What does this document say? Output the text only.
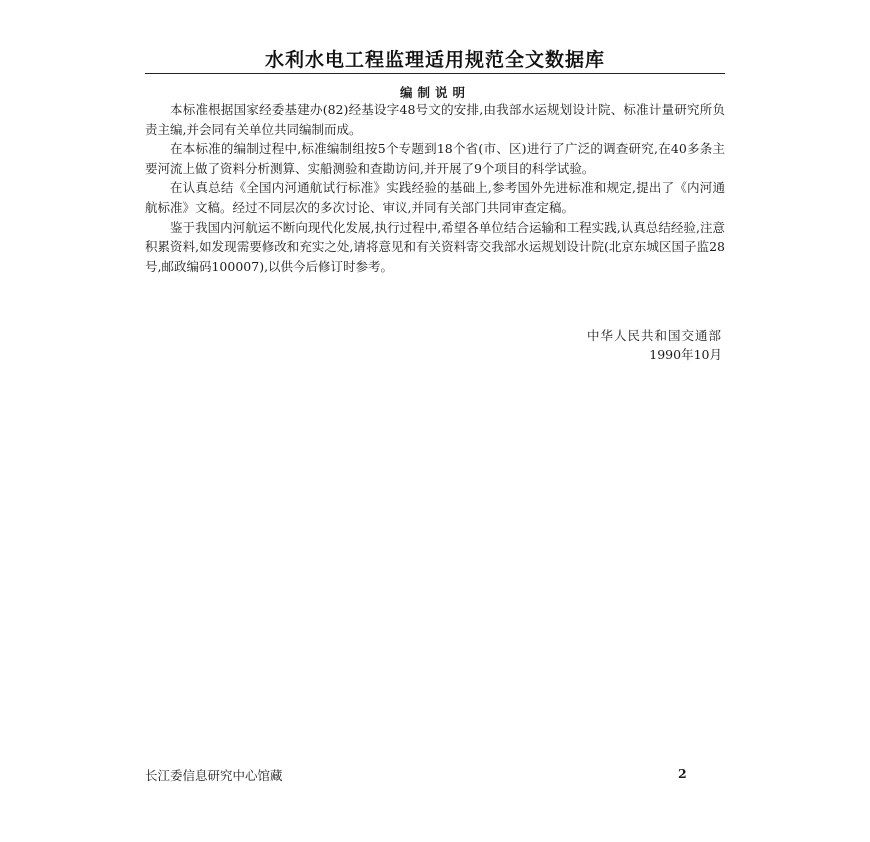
水利水电工程监理适用规范全文数据库
编制说明

本标准根据国家经委基建办(82)经基设字48号文的安排,由我部水运规划设计院、标准计量研究所负责主编,并会同有关单位共同编制而成。

在本标准的编制过程中,标准编制组按5个专题到18个省(市、区)进行了广泛的调查研究,在40多条主要河流上做了资料分析测算、实船测验和查勘访问,并开展了9个项目的科学试验。

在认真总结《全国内河通航试行标准》实践经验的基础上,参考国外先进标准和规定,提出了《内河通航标准》文稿。经过不同层次的多次讨论、审议,并同有关部门共同审查定稿。

鉴于我国内河航运不断向现代化发展,执行过程中,希望各单位结合运输和工程实践,认真总结经验,注意积累资料,如发现需要修改和充实之处,请将意见和有关资料寄交我部水运规划设计院(北京东城区国子监28号,邮政编码100007),以供今后修订时参考。

中华人民共和国交通部
1990年10月
长江委信息研究中心馆藏	2
